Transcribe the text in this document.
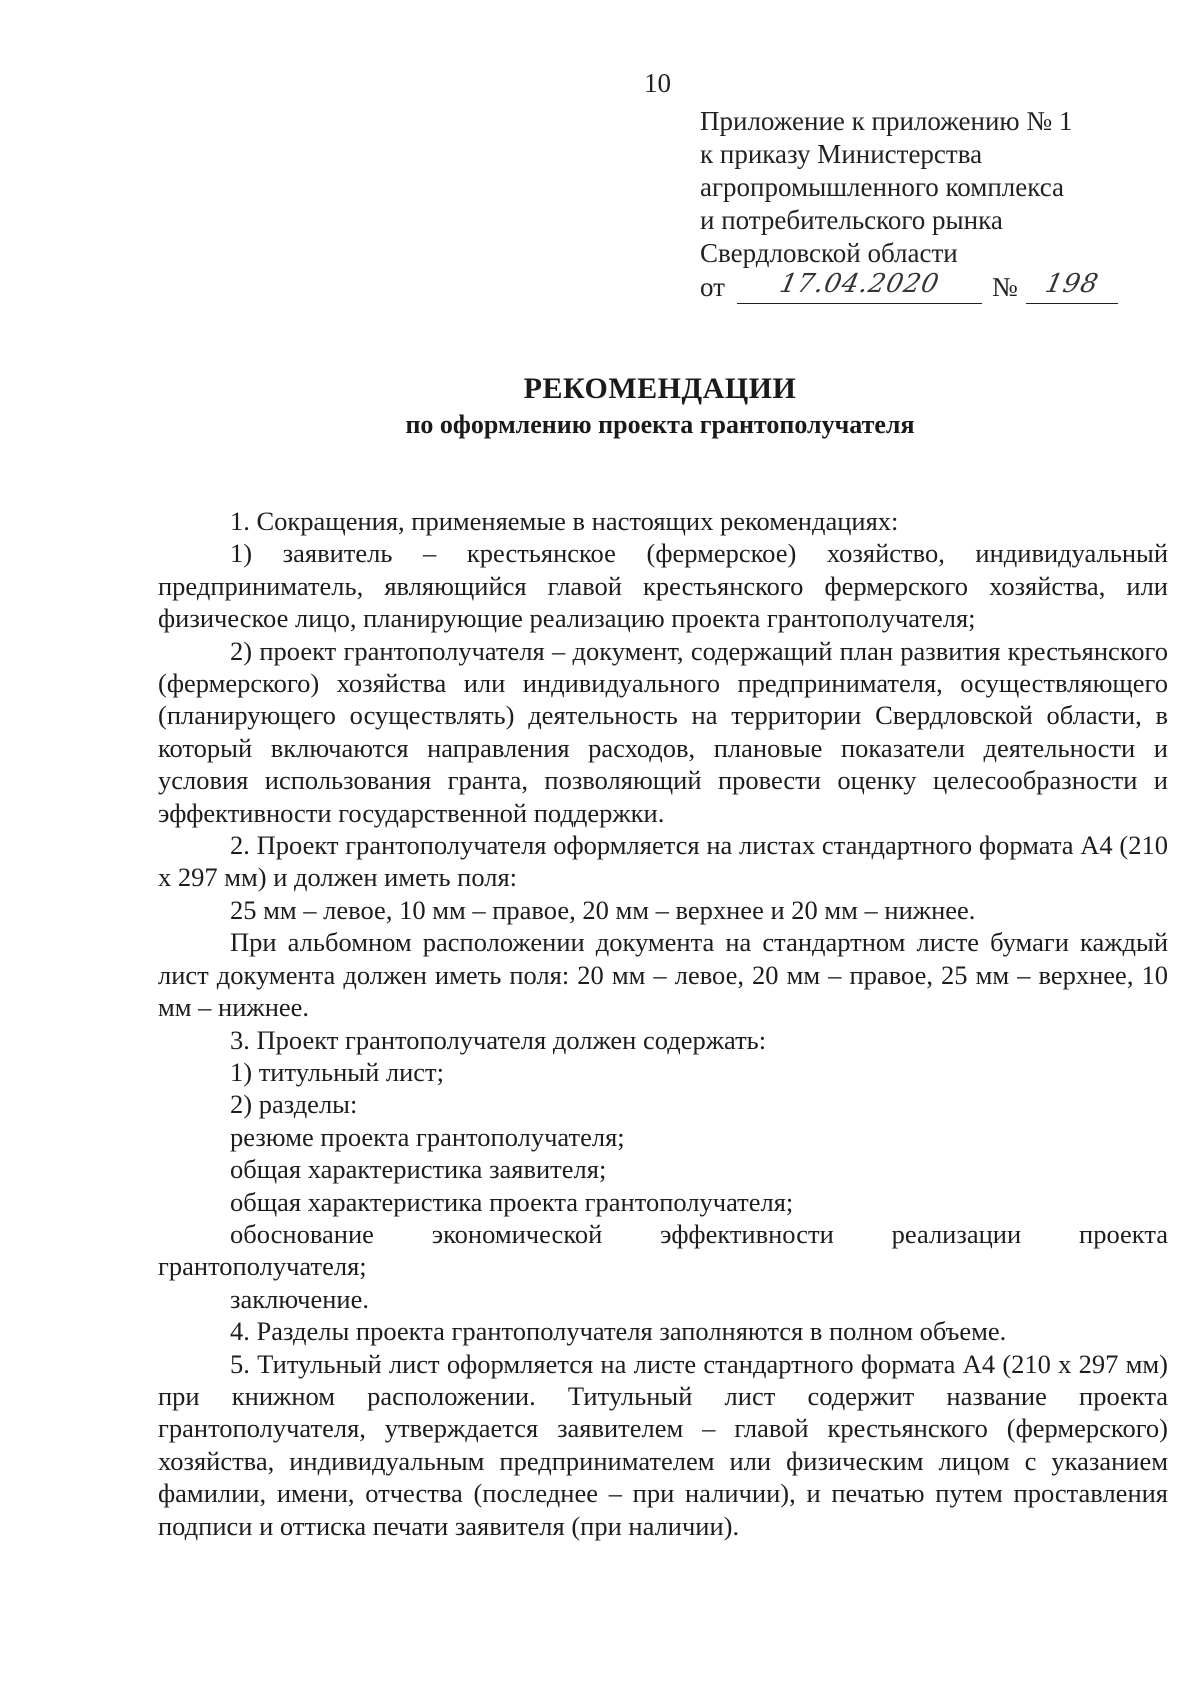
10
Приложение к приложению № 1
к приказу Министерства
агропромышленного комплекса
и потребительского рынка
Свердловской области
от	17.04.2020	№ 198
РЕКОМЕНДАЦИИ
по оформлению проекта грантополучателя

1. Сокращения, применяемые в настоящих рекомендациях:

1) заявитель – крестьянское (фермерское) хозяйство, индивидуальный предприниматель, являющийся главой крестьянского фермерского хозяйства, или физическое лицо, планирующие реализацию проекта грантополучателя;

2) проект грантополучателя – документ, содержащий план развития крестьянского (фермерского) хозяйства или индивидуального предпринимателя, осуществляющего (планирующего осуществлять) деятельность на территории Свердловской области, в который включаются направления расходов, плановые показатели деятельности и условия использования гранта, позволяющий провести оценку целесообразности и эффективности государственной поддержки.

2. Проект грантополучателя оформляется на листах стандартного формата А4 (210 х 297 мм) и должен иметь поля:

25 мм – левое, 10 мм – правое, 20 мм – верхнее и 20 мм – нижнее.

При альбомном расположении документа на стандартном листе бумаги каждый лист документа должен иметь поля: 20 мм – левое, 20 мм – правое, 25 мм – верхнее, 10 мм – нижнее.

3. Проект грантополучателя должен содержать:

1) титульный лист;

2) разделы:

резюме проекта грантополучателя;

общая характеристика заявителя;

общая характеристика проекта грантополучателя;

обоснование экономической эффективности реализации проекта грантополучателя;

заключение.

4. Разделы проекта грантополучателя заполняются в полном объеме.

5. Титульный лист оформляется на листе стандартного формата А4 (210 х 297 мм) при книжном расположении. Титульный лист содержит название проекта грантополучателя, утверждается заявителем – главой крестьянского (фермерского) хозяйства, индивидуальным предпринимателем или физическим лицом с указанием фамилии, имени, отчества (последнее – при наличии), и печатью путем проставления подписи и оттиска печати заявителя (при наличии).
